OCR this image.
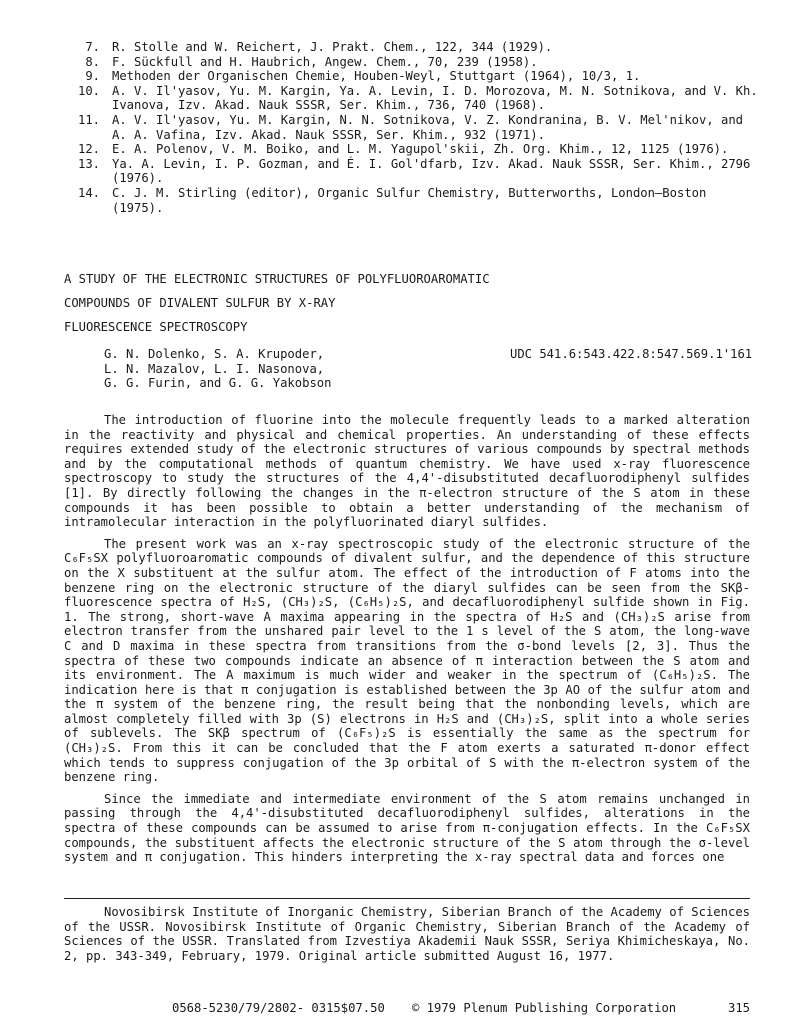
7. R. Stolle and W. Reichert, J. Prakt. Chem., 122, 344 (1929).
8. F. Sückfull and H. Haubrich, Angew. Chem., 70, 239 (1958).
9. Methoden der Organischen Chemie, Houben-Weyl, Stuttgart (1964), 10/3, 1.
10. A. V. Il'yasov, Yu. M. Kargin, Ya. A. Levin, I. D. Morozova, M. N. Sotnikova, and V. Kh. Ivanova, Izv. Akad. Nauk SSSR, Ser. Khim., 736, 740 (1968).
11. A. V. Il'yasov, Yu. M. Kargin, N. N. Sotnikova, V. Z. Kondranina, B. V. Mel'nikov, and A. A. Vafina, Izv. Akad. Nauk SSSR, Ser. Khim., 932 (1971).
12. E. A. Polenov, V. M. Boiko, and L. M. Yagupol'skii, Zh. Org. Khim., 12, 1125 (1976).
13. Ya. A. Levin, I. P. Gozman, and É. I. Gol'dfarb, Izv. Akad. Nauk SSSR, Ser. Khim., 2796 (1976).
14. C. J. M. Stirling (editor), Organic Sulfur Chemistry, Butterworths, London—Boston (1975).
A STUDY OF THE ELECTRONIC STRUCTURES OF POLYFLUOROAROMATIC
COMPOUNDS OF DIVALENT SULFUR BY X-RAY
FLUORESCENCE SPECTROSCOPY
G. N. Dolenko, S. A. Krupoder,
L. N. Mazalov, L. I. Nasonova,
G. G. Furin, and G. G. Yakobson
UDC 541.6:543.422.8:547.569.1'161

The introduction of fluorine into the molecule frequently leads to a marked alteration in the reactivity and physical and chemical properties. An understanding of these effects requires extended study of the electronic structures of various compounds by spectral methods and by the computational methods of quantum chemistry. We have used x-ray fluorescence spectroscopy to study the structures of the 4,4'-disubstituted decafluorodiphenyl sulfides [1]. By directly following the changes in the π-electron structure of the S atom in these compounds it has been possible to obtain a better understanding of the mechanism of intramolecular interaction in the polyfluorinated diaryl sulfides.

The present work was an x-ray spectroscopic study of the electronic structure of the C₆F₅SX polyfluoroaromatic compounds of divalent sulfur, and the dependence of this structure on the X substituent at the sulfur atom. The effect of the introduction of F atoms into the benzene ring on the electronic structure of the diaryl sulfides can be seen from the SKβ-fluorescence spectra of H₂S, (CH₃)₂S, (C₆H₅)₂S, and decafluorodiphenyl sulfide shown in Fig. 1. The strong, short-wave A maxima appearing in the spectra of H₂S and (CH₃)₂S arise from electron transfer from the unshared pair level to the 1 s level of the S atom, the long-wave C and D maxima in these spectra from transitions from the σ-bond levels [2, 3]. Thus the spectra of these two compounds indicate an absence of π interaction between the S atom and its environment. The A maximum is much wider and weaker in the spectrum of (C₆H₅)₂S. The indication here is that π conjugation is established between the 3p AO of the sulfur atom and the π system of the benzene ring, the result being that the nonbonding levels, which are almost completely filled with 3p (S) electrons in H₂S and (CH₃)₂S, split into a whole series of sublevels. The SKβ spectrum of (C₆F₅)₂S is essentially the same as the spectrum for (CH₃)₂S. From this it can be concluded that the F atom exerts a saturated π-donor effect which tends to suppress conjugation of the 3p orbital of S with the π-electron system of the benzene ring.

Since the immediate and intermediate environment of the S atom remains unchanged in passing through the 4,4'-disubstituted decafluorodiphenyl sulfides, alterations in the spectra of these compounds can be assumed to arise from π-conjugation effects. In the C₆F₅SX compounds, the substituent affects the electronic structure of the S atom through the σ-level system and π conjugation. This hinders interpreting the x-ray spectral data and forces one

Novosibirsk Institute of Inorganic Chemistry, Siberian Branch of the Academy of Sciences of the USSR. Novosibirsk Institute of Organic Chemistry, Siberian Branch of the Academy of Sciences of the USSR. Translated from Izvestiya Akademii Nauk SSSR, Seriya Khimicheskaya, No. 2, pp. 343-349, February, 1979. Original article submitted August 16, 1977.

0568-5230/79/2802- 0315$07.50	© 1979 Plenum Publishing Corporation	315
